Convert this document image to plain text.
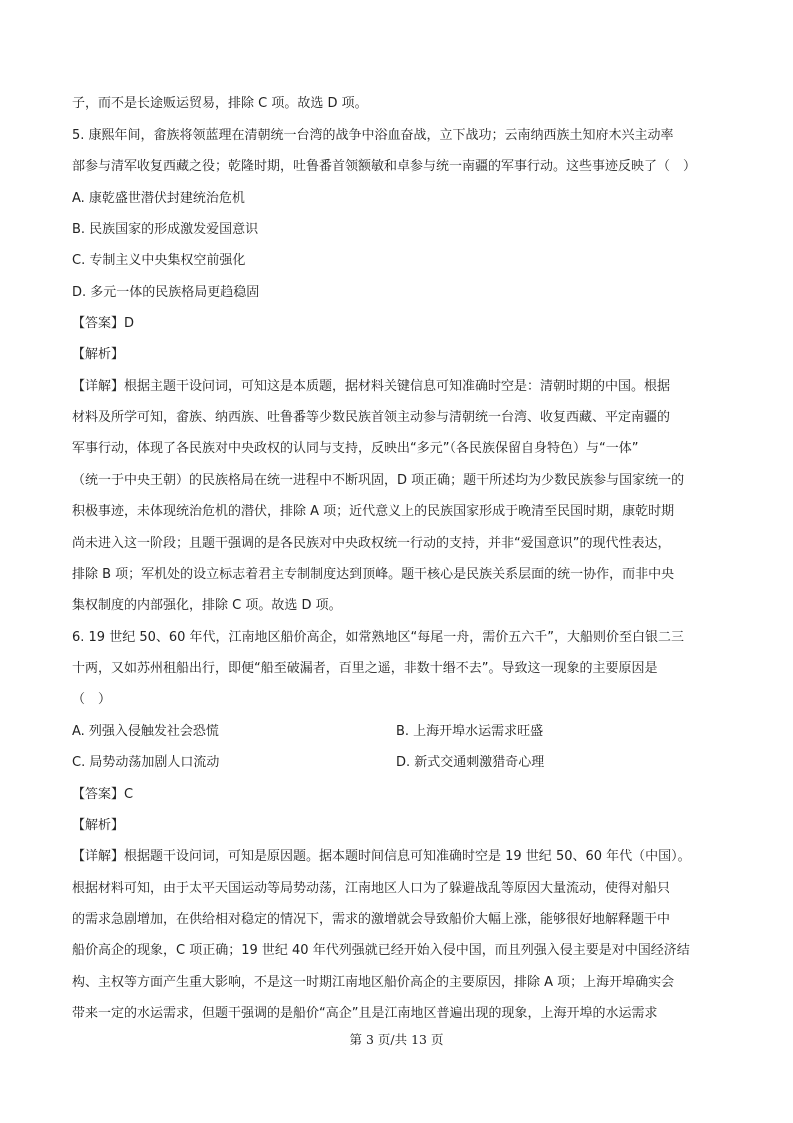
子，而不是长途贩运贸易，排除 C 项。故选 D 项。
5. 康熙年间，畲族将领蓝理在清朝统一台湾的战争中浴血奋战，立下战功；云南纳西族土知府木兴主动率
部参与清军收复西藏之役；乾隆时期，吐鲁番首领额敏和卓参与统一南疆的军事行动。这些事迹反映了（　）
A. 康乾盛世潜伏封建统治危机
B. 民族国家的形成激发爱国意识
C. 专制主义中央集权空前强化
D. 多元一体的民族格局更趋稳固
【答案】D
【解析】
【详解】根据主题干设问词，可知这是本质题，据材料关键信息可知准确时空是：清朝时期的中国。根据
材料及所学可知，畲族、纳西族、吐鲁番等少数民族首领主动参与清朝统一台湾、收复西藏、平定南疆的
军事行动，体现了各民族对中央政权的认同与支持，反映出“多元”（各民族保留自身特色）与“一体”
（统一于中央王朝）的民族格局在统一进程中不断巩固，D 项正确；题干所述均为少数民族参与国家统一的
积极事迹，未体现统治危机的潜伏，排除 A 项；近代意义上的民族国家形成于晚清至民国时期，康乾时期
尚未进入这一阶段；且题干强调的是各民族对中央政权统一行动的支持，并非“爱国意识”的现代性表达，
排除 B 项；军机处的设立标志着君主专制制度达到顶峰。题干核心是民族关系层面的统一协作，而非中央
集权制度的内部强化，排除 C 项。故选 D 项。
6. 19 世纪 50、60 年代，江南地区船价高企，如常熟地区“每尾一舟，需价五六千”，大船则价至白银二三
十两，又如苏州租船出行，即便“船至破漏者，百里之遥，非数十缗不去”。导致这一现象的主要原因是
（　）
A. 列强入侵触发社会恐慌	B. 上海开埠水运需求旺盛
C. 局势动荡加剧人口流动	D. 新式交通刺激猎奇心理
【答案】C
【解析】
【详解】根据题干设问词，可知是原因题。据本题时间信息可知准确时空是 19 世纪 50、60 年代（中国）。
根据材料可知，由于太平天国运动等局势动荡，江南地区人口为了躲避战乱等原因大量流动，使得对船只
的需求急剧增加，在供给相对稳定的情况下，需求的激增就会导致船价大幅上涨，能够很好地解释题干中
船价高企的现象，C 项正确；19 世纪 40 年代列强就已经开始入侵中国，而且列强入侵主要是对中国经济结
构、主权等方面产生重大影响，不是这一时期江南地区船价高企的主要原因，排除 A 项；上海开埠确实会
带来一定的水运需求，但题干强调的是船价“高企”且是江南地区普遍出现的现象，上海开埠的水运需求
第 3 页/共 13 页
